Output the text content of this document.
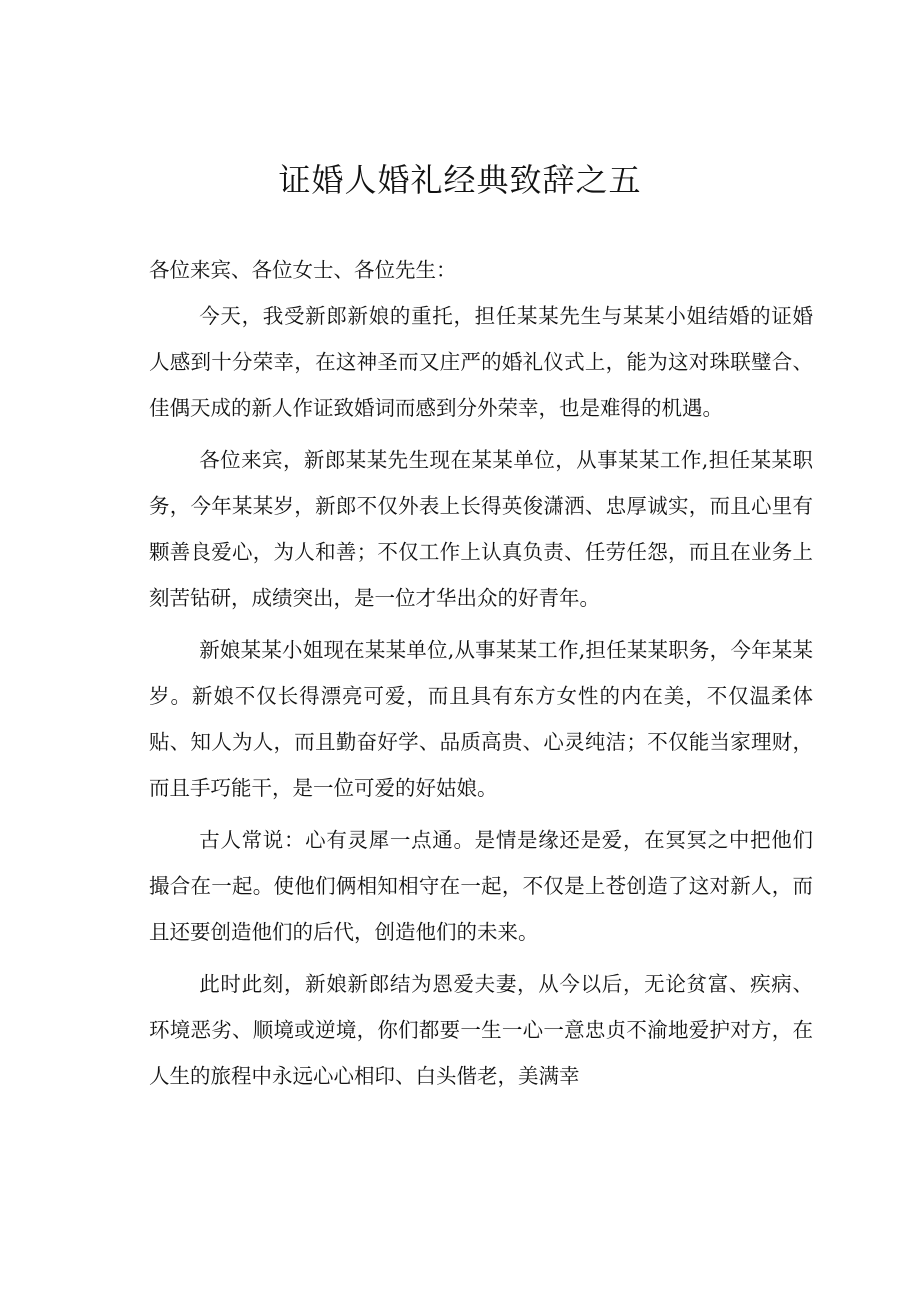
证婚人婚礼经典致辞之五

各位来宾、各位女士、各位先生：

今天，我受新郎新娘的重托，担任某某先生与某某小姐结婚的证婚人感到十分荣幸，在这神圣而又庄严的婚礼仪式上，能为这对珠联璧合、佳偶天成的新人作证致婚词而感到分外荣幸，也是难得的机遇。

各位来宾，新郎某某先生现在某某单位，从事某某工作,担任某某职务，今年某某岁，新郎不仅外表上长得英俊潇洒、忠厚诚实，而且心里有颗善良爱心，为人和善；不仅工作上认真负责、任劳任怨，而且在业务上刻苦钻研，成绩突出，是一位才华出众的好青年。

新娘某某小姐现在某某单位,从事某某工作,担任某某职务，今年某某岁。新娘不仅长得漂亮可爱，而且具有东方女性的内在美，不仅温柔体贴、知人为人，而且勤奋好学、品质高贵、心灵纯洁；不仅能当家理财，而且手巧能干，是一位可爱的好姑娘。

古人常说：心有灵犀一点通。是情是缘还是爱，在冥冥之中把他们撮合在一起。使他们俩相知相守在一起，不仅是上苍创造了这对新人，而且还要创造他们的后代，创造他们的未来。

此时此刻，新娘新郎结为恩爱夫妻，从今以后，无论贫富、疾病、环境恶劣、顺境或逆境，你们都要一生一心一意忠贞不渝地爱护对方，在人生的旅程中永远心心相印、白头偕老，美满幸
